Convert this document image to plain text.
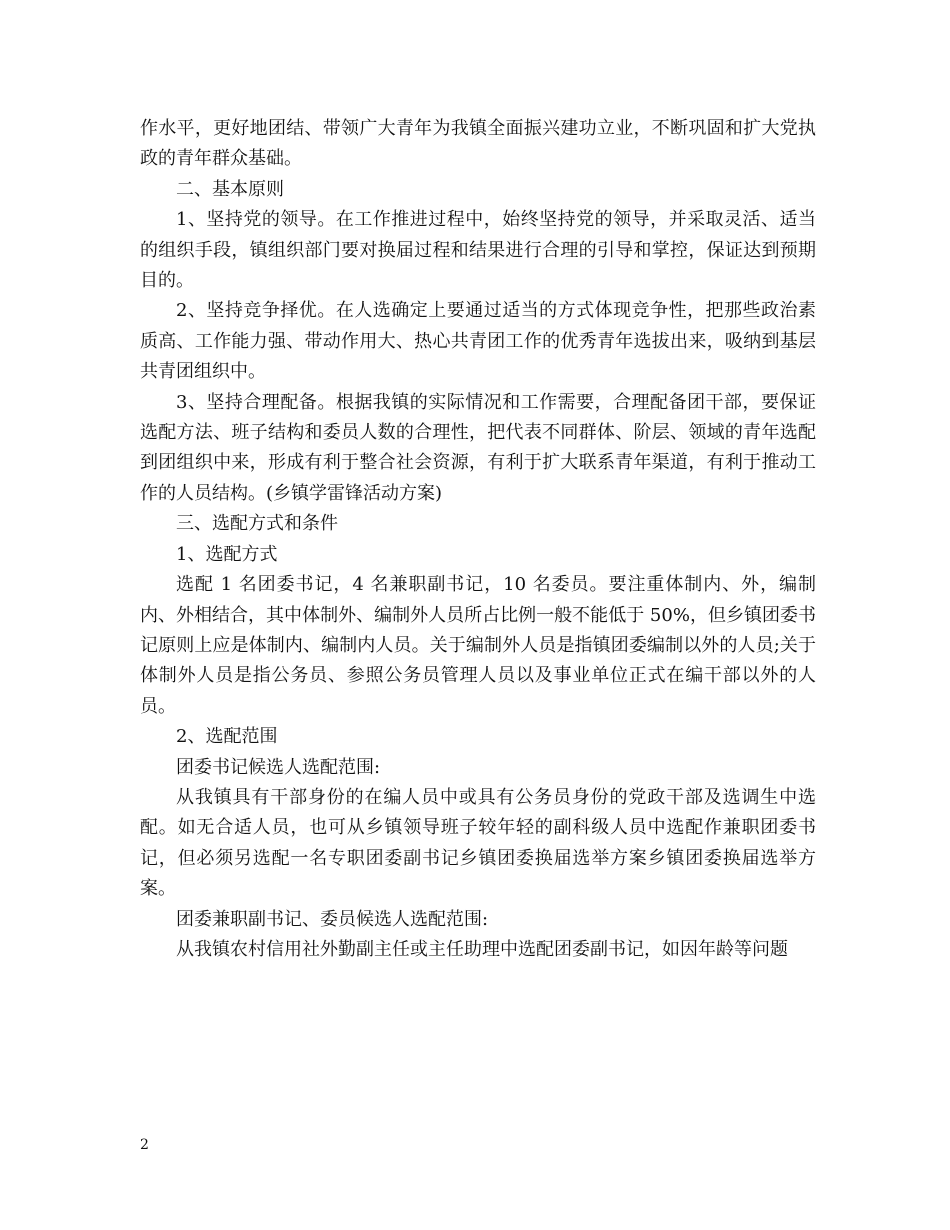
作水平，更好地团结、带领广大青年为我镇全面振兴建功立业，不断巩固和扩大党执政的青年群众基础。

二、基本原则

1、坚持党的领导。在工作推进过程中，始终坚持党的领导，并采取灵活、适当的组织手段，镇组织部门要对换届过程和结果进行合理的引导和掌控，保证达到预期目的。

2、坚持竞争择优。在人选确定上要通过适当的方式体现竞争性，把那些政治素质高、工作能力强、带动作用大、热心共青团工作的优秀青年选拔出来，吸纳到基层共青团组织中。

3、坚持合理配备。根据我镇的实际情况和工作需要，合理配备团干部，要保证选配方法、班子结构和委员人数的合理性，把代表不同群体、阶层、领域的青年选配到团组织中来，形成有利于整合社会资源，有利于扩大联系青年渠道，有利于推动工作的人员结构。(乡镇学雷锋活动方案)

三、选配方式和条件

1、选配方式

选配 1 名团委书记，4 名兼职副书记，10 名委员。要注重体制内、外，编制内、外相结合，其中体制外、编制外人员所占比例一般不能低于 50%，但乡镇团委书记原则上应是体制内、编制内人员。关于编制外人员是指镇团委编制以外的人员;关于体制外人员是指公务员、参照公务员管理人员以及事业单位正式在编干部以外的人员。

2、选配范围

团委书记候选人选配范围:

从我镇具有干部身份的在编人员中或具有公务员身份的党政干部及选调生中选配。如无合适人员，也可从乡镇领导班子较年轻的副科级人员中选配作兼职团委书记，但必须另选配一名专职团委副书记乡镇团委换届选举方案乡镇团委换届选举方案。

团委兼职副书记、委员候选人选配范围:

从我镇农村信用社外勤副主任或主任助理中选配团委副书记，如因年龄等问题

2
